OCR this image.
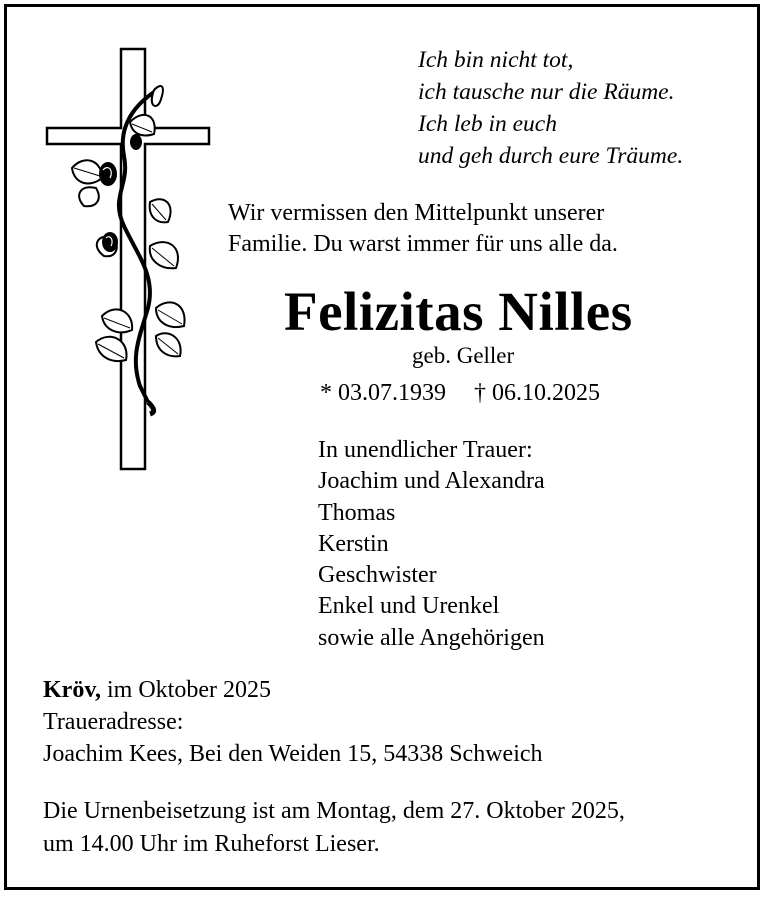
Ich bin nicht tot,
ich tausche nur die Räume.
Ich leb in euch
und geh durch eure Träume.
Wir vermissen den Mittelpunkt unserer
Familie. Du warst immer für uns alle da.
Felizitas Nilles
geb. Geller
* 03.07.1939 † 06.10.2025
In unendlicher Trauer:
Joachim und Alexandra
Thomas
Kerstin
Geschwister
Enkel und Urenkel
sowie alle Angehörigen
Kröv, im Oktober 2025
Traueradresse:
Joachim Kees, Bei den Weiden 15, 54338 Schweich
Die Urnenbeisetzung ist am Montag, dem 27. Oktober 2025,
um 14.00 Uhr im Ruheforst Lieser.
